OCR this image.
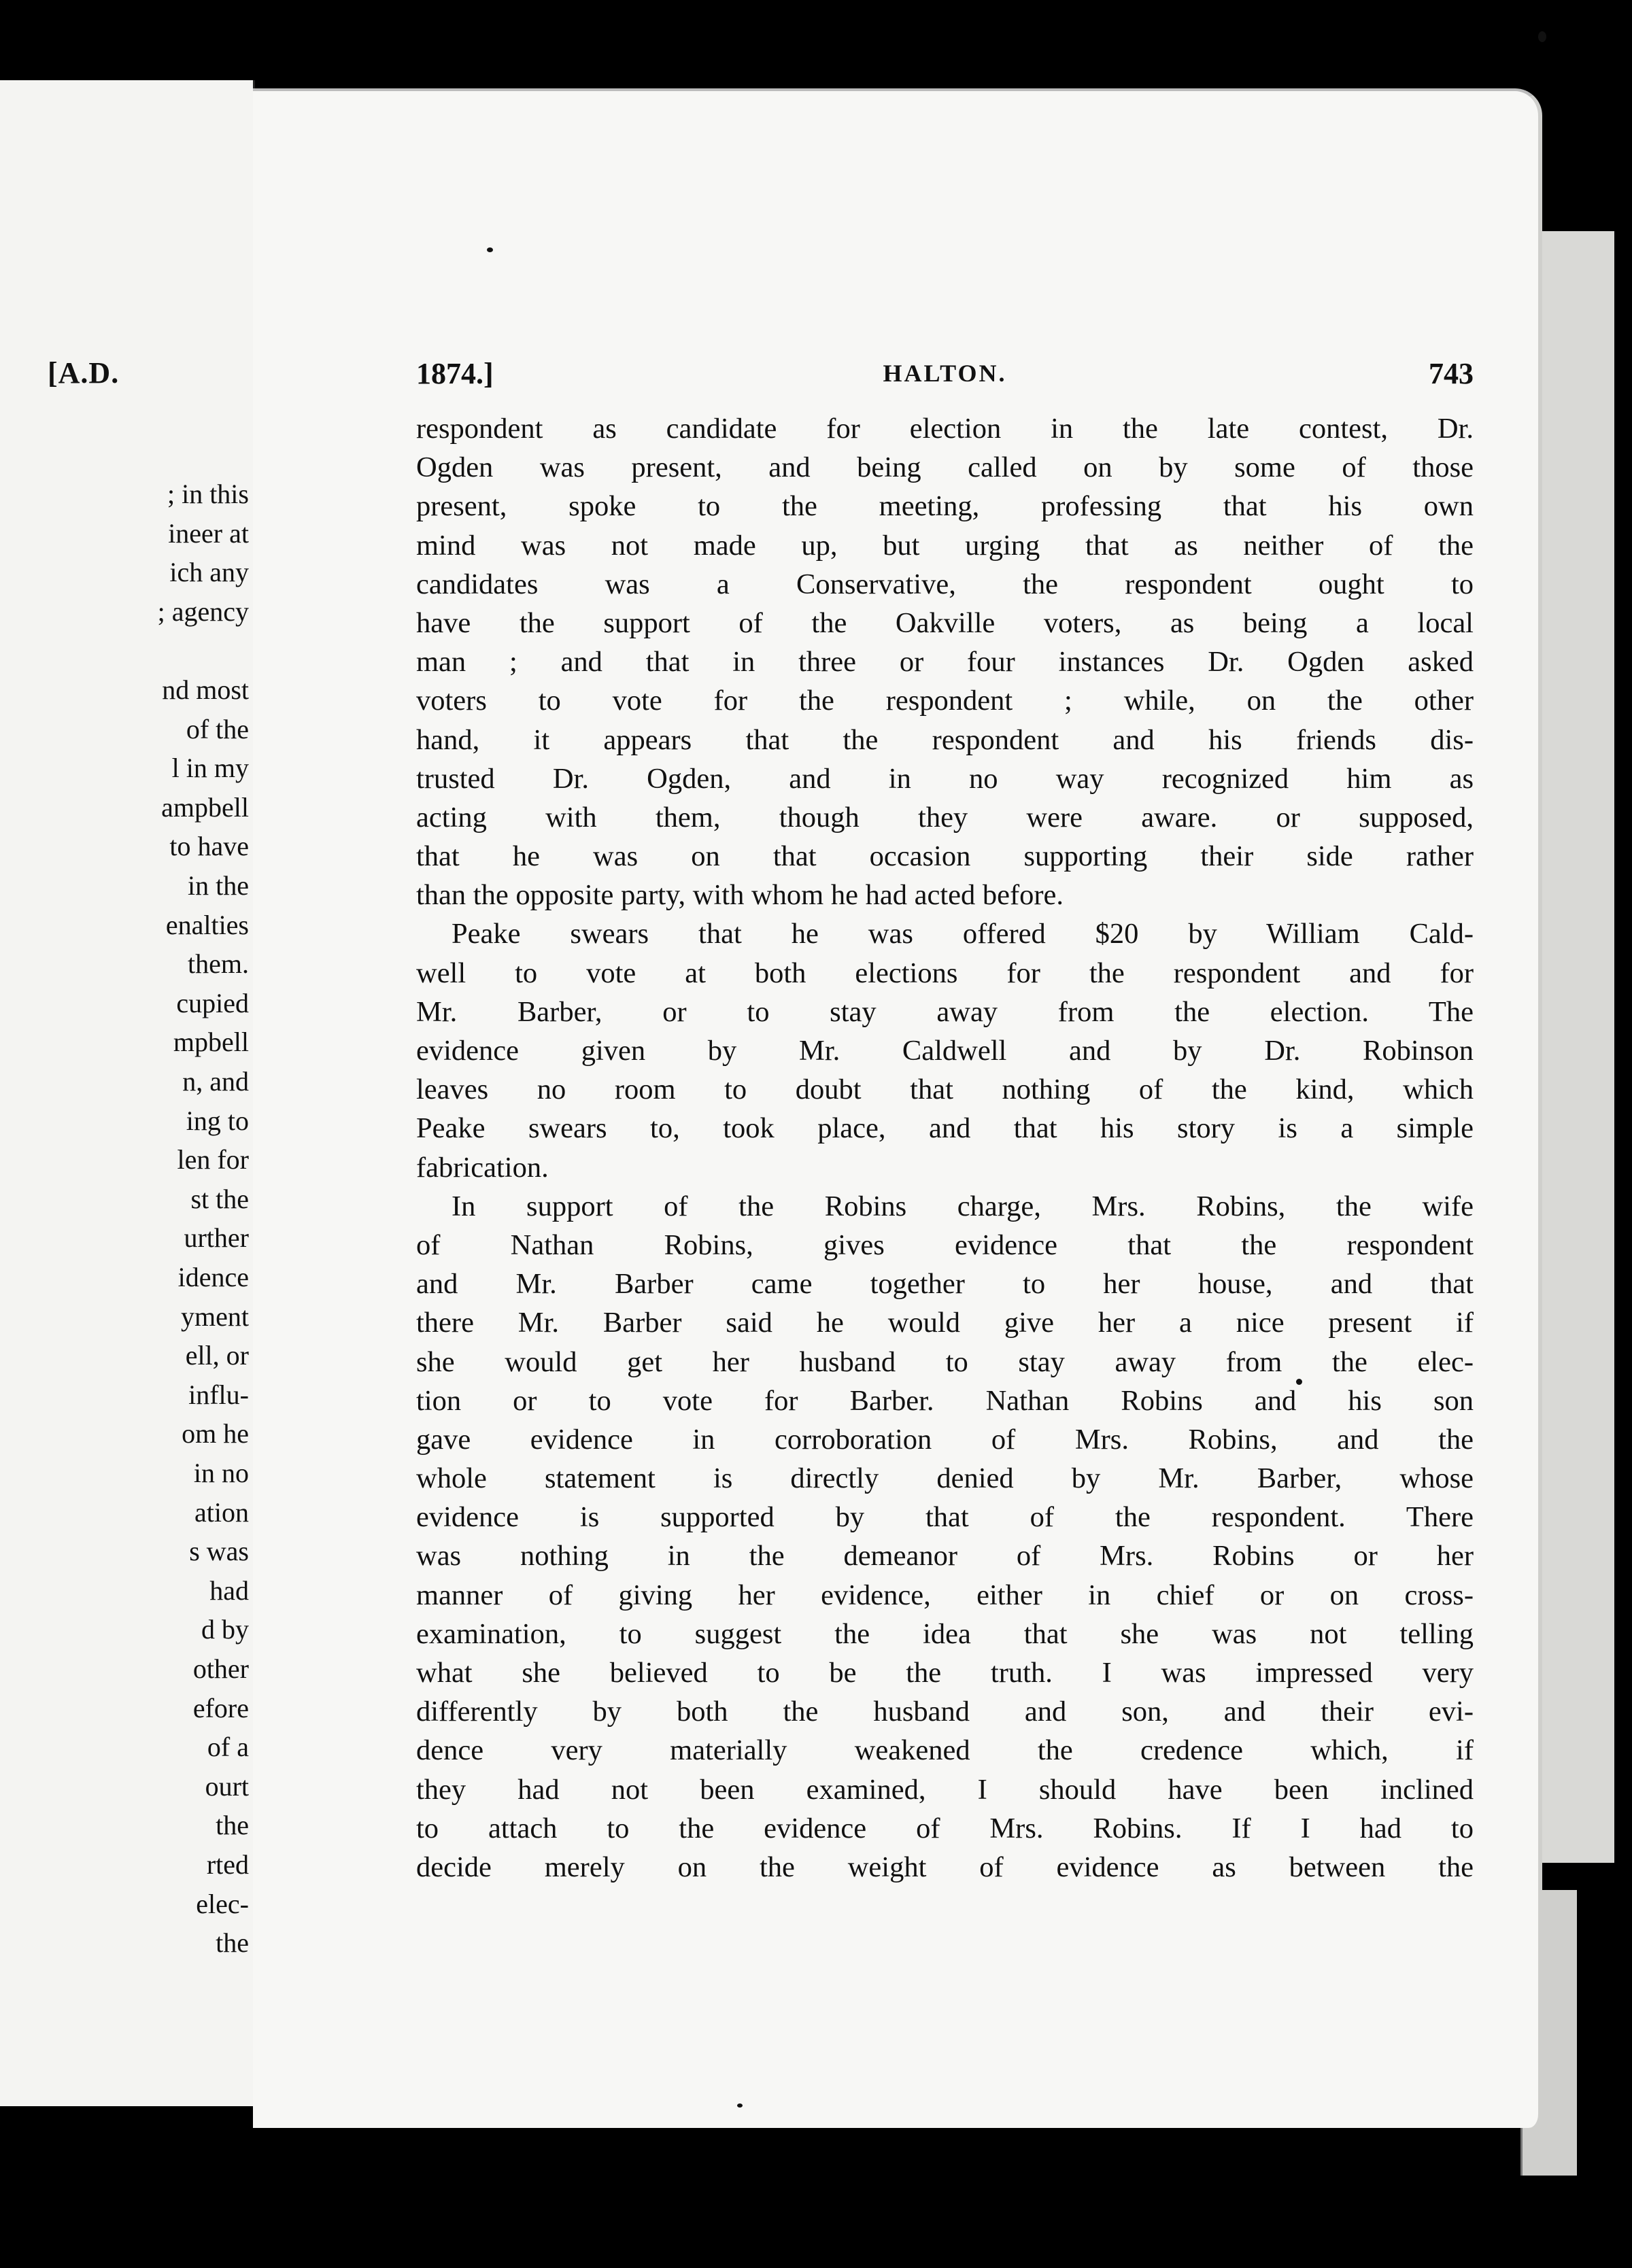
[A.D.
; in this
ineer at
ich any
; agency
nd most
of the
l in my
ampbell
to have
in the
enalties
them.
cupied
mpbell
n, and
ing to
len for
st the
urther
idence
yment
ell, or
influ-
om he
in no
ation
s was
had
d by
other
efore
of a
ourt
the
rted
elec-
the
1874.]	HALTON.	743
respondent as candidate for election in the late contest, Dr.
Ogden was present, and being called on by some of those
present, spoke to the meeting, professing that his own
mind was not made up, but urging that as neither of the
candidates was a Conservative, the respondent ought to
have the support of the Oakville voters, as being a local
man ; and that in three or four instances Dr. Ogden asked
voters to vote for the respondent ; while, on the other
hand, it appears that the respondent and his friends dis-
trusted Dr. Ogden, and in no way recognized him as
acting with them, though they were aware. or supposed,
that he was on that occasion supporting their side rather
than the opposite party, with whom he had acted before.
Peake swears that he was offered $20 by William Cald-
well to vote at both elections for the respondent and for
Mr. Barber, or to stay away from the election. The
evidence given by Mr. Caldwell and by Dr. Robinson
leaves no room to doubt that nothing of the kind, which
Peake swears to, took place, and that his story is a simple
fabrication.
In support of the Robins charge, Mrs. Robins, the wife
of Nathan Robins, gives evidence that the respondent
and Mr. Barber came together to her house, and that
there Mr. Barber said he would give her a nice present if
she would get her husband to stay away from the elec-
tion or to vote for Barber. Nathan Robins and his son
gave evidence in corroboration of Mrs. Robins, and the
whole statement is directly denied by Mr. Barber, whose
evidence is supported by that of the respondent. There
was nothing in the demeanor of Mrs. Robins or her
manner of giving her evidence, either in chief or on cross-
examination, to suggest the idea that she was not telling
what she believed to be the truth. I was impressed very
differently by both the husband and son, and their evi-
dence very materially weakened the credence which, if
they had not been examined, I should have been inclined
to attach to the evidence of Mrs. Robins. If I had to
decide merely on the weight of evidence as between the
